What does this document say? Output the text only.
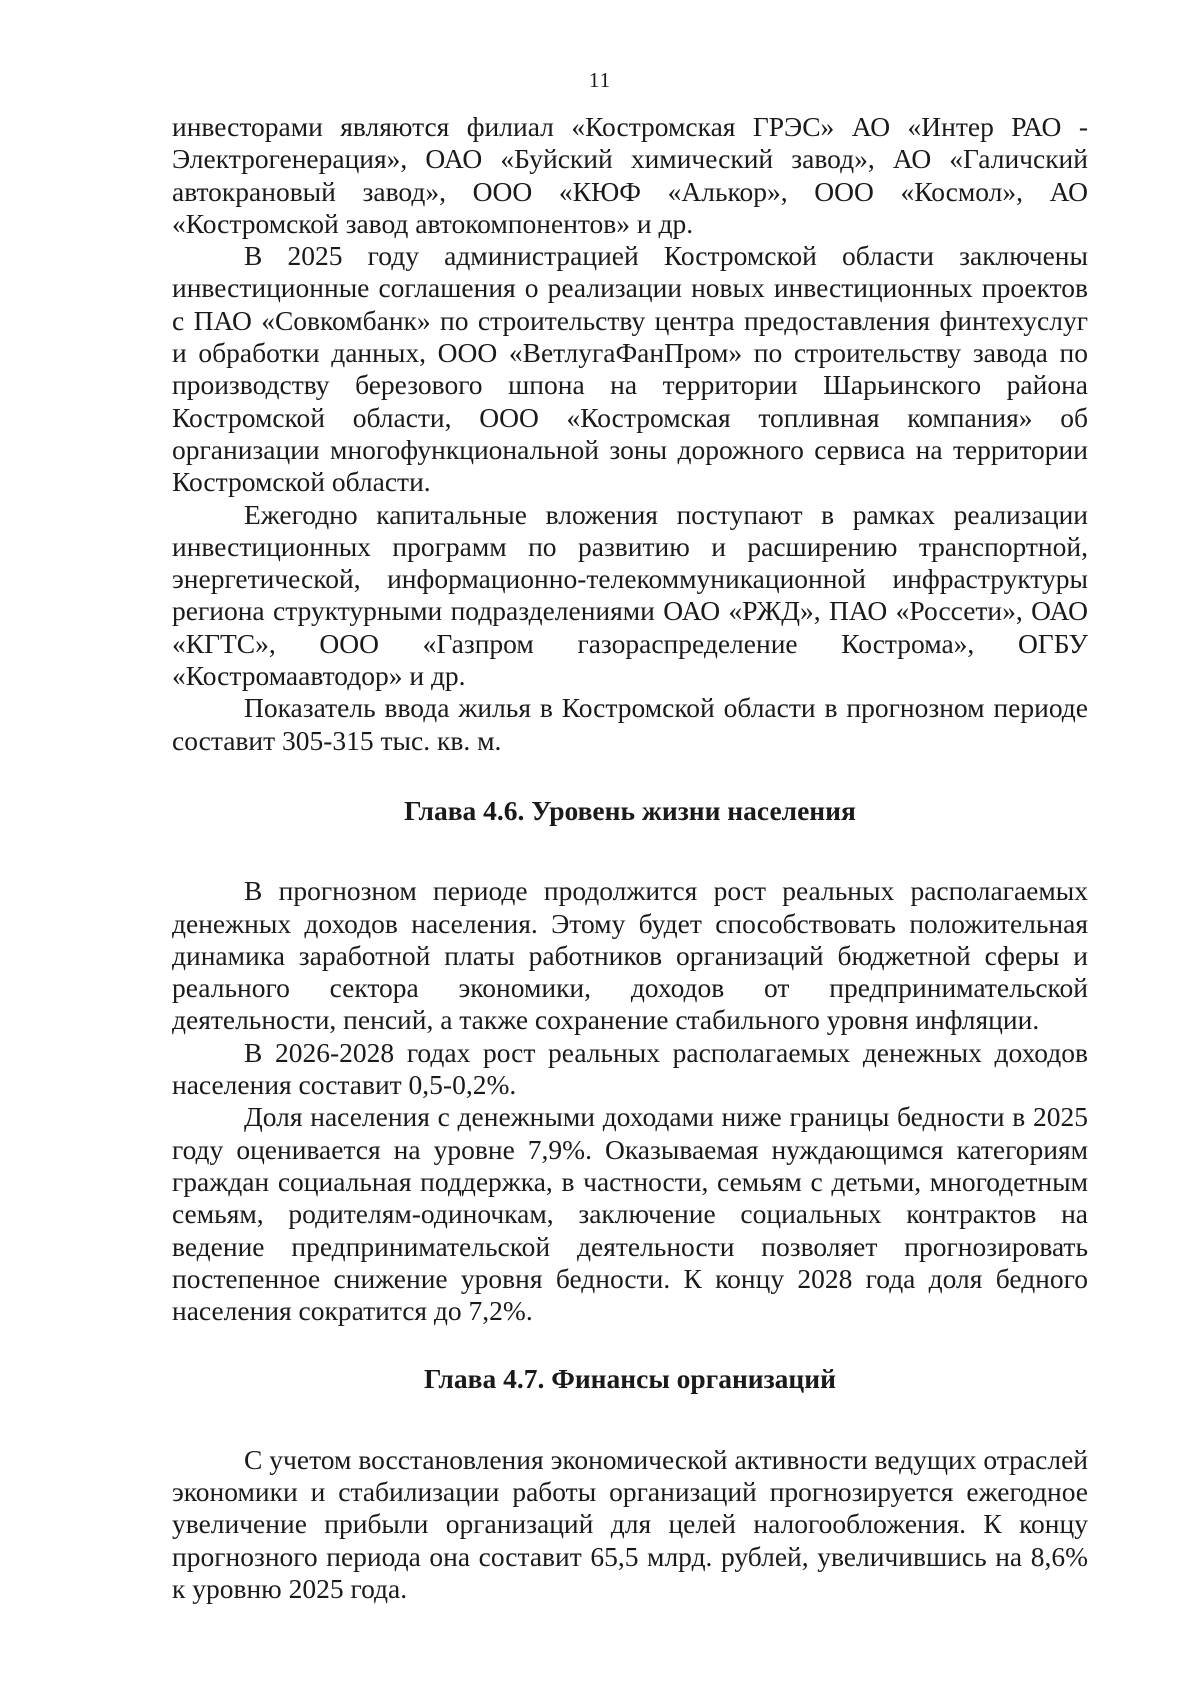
11

инвесторами являются филиал «Костромская ГРЭС» АО «Интер РАО - Электрогенерация», ОАО «Буйский химический завод», АО «Галичский автокрановый завод», ООО «КЮФ «Алькор», ООО «Космол», АО «Костромской завод автокомпонентов» и др.

В 2025 году администрацией Костромской области заключены инвестиционные соглашения о реализации новых инвестиционных проектов с ПАО «Совкомбанк» по строительству центра предоставления финтехуслуг и обработки данных, ООО «ВетлугаФанПром» по строительству завода по производству березового шпона на территории Шарьинского района Костромской области, ООО «Костромская топливная компания» об организации многофункциональной зоны дорожного сервиса на территории Костромской области.

Ежегодно капитальные вложения поступают в рамках реализации инвестиционных программ по развитию и расширению транспортной, энергетической, информационно-телекоммуникационной инфраструктуры региона структурными подразделениями ОАО «РЖД», ПАО «Россети», ОАО «КГТС», ООО «Газпром газораспределение Кострома», ОГБУ «Костромаавтодор» и др.

Показатель ввода жилья в Костромской области в прогнозном периоде составит 305-315 тыс. кв. м.

Глава 4.6. Уровень жизни населения

В прогнозном периоде продолжится рост реальных располагаемых денежных доходов населения. Этому будет способствовать положительная динамика заработной платы работников организаций бюджетной сферы и реального сектора экономики, доходов от предпринимательской деятельности, пенсий, а также сохранение стабильного уровня инфляции.

В 2026-2028 годах рост реальных располагаемых денежных доходов населения составит 0,5-0,2%.

Доля населения с денежными доходами ниже границы бедности в 2025 году оценивается на уровне 7,9%. Оказываемая нуждающимся категориям граждан социальная поддержка, в частности, семьям с детьми, многодетным семьям, родителям-одиночкам, заключение социальных контрактов на ведение предпринимательской деятельности позволяет прогнозировать постепенное снижение уровня бедности. К концу 2028 года доля бедного населения сократится до 7,2%.

Глава 4.7. Финансы организаций

С учетом восстановления экономической активности ведущих отраслей экономики и стабилизации работы организаций прогнозируется ежегодное увеличение прибыли организаций для целей налогообложения. К концу прогнозного периода она составит 65,5 млрд. рублей, увеличившись на 8,6% к уровню 2025 года.
